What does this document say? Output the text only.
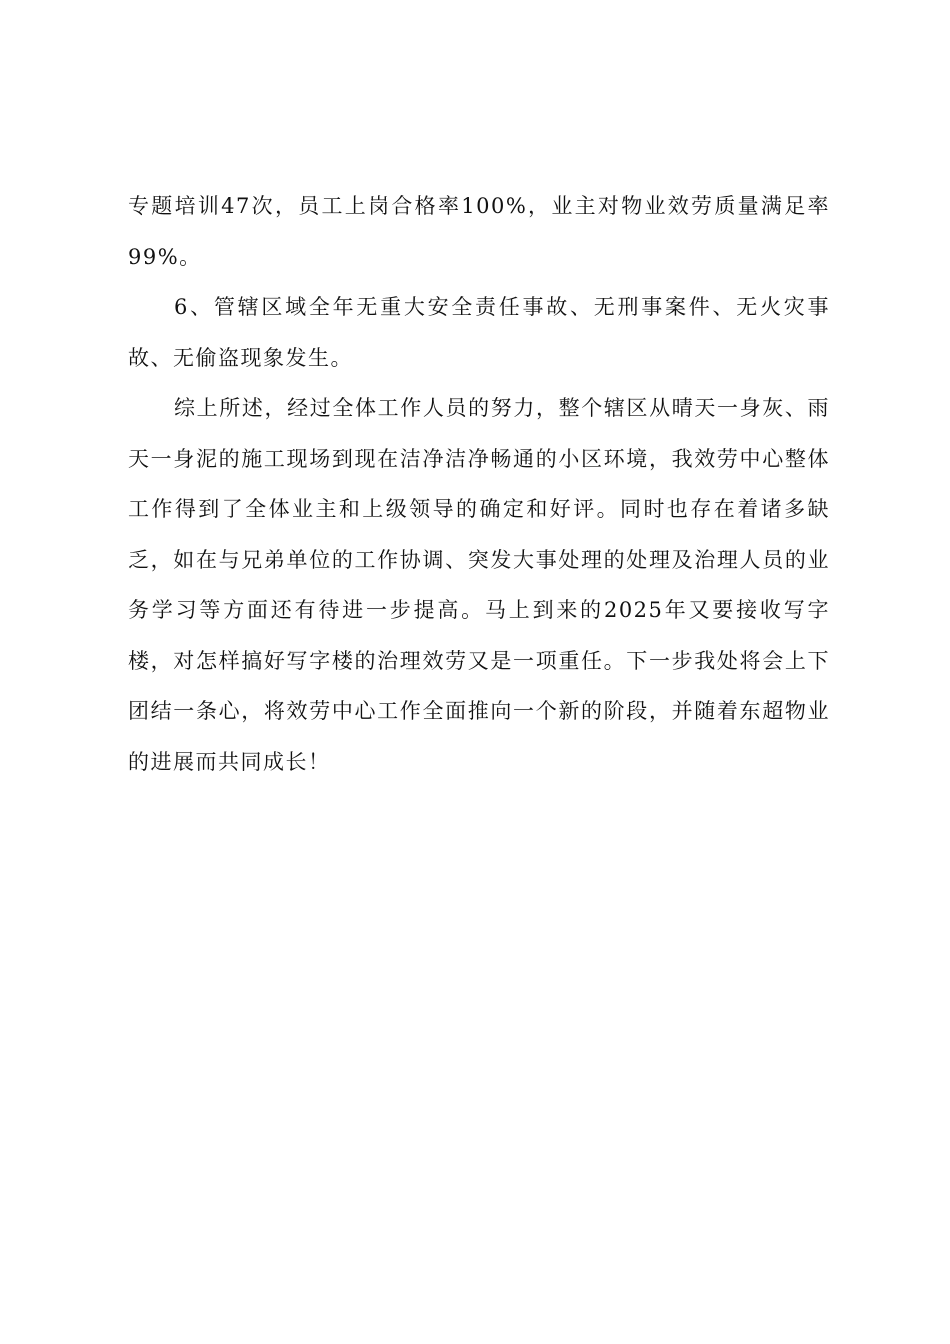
专题培训47次，员工上岗合格率100%，业主对物业效劳质量满足率99%。

6、管辖区域全年无重大安全责任事故、无刑事案件、无火灾事故、无偷盗现象发生。

综上所述，经过全体工作人员的努力，整个辖区从晴天一身灰、雨天一身泥的施工现场到现在洁净洁净畅通的小区环境，我效劳中心整体工作得到了全体业主和上级领导的确定和好评。同时也存在着诸多缺乏，如在与兄弟单位的工作协调、突发大事处理的处理及治理人员的业务学习等方面还有待进一步提高。马上到来的2025年又要接收写字楼，对怎样搞好写字楼的治理效劳又是一项重任。下一步我处将会上下团结一条心，将效劳中心工作全面推向一个新的阶段，并随着东超物业的进展而共同成长！
